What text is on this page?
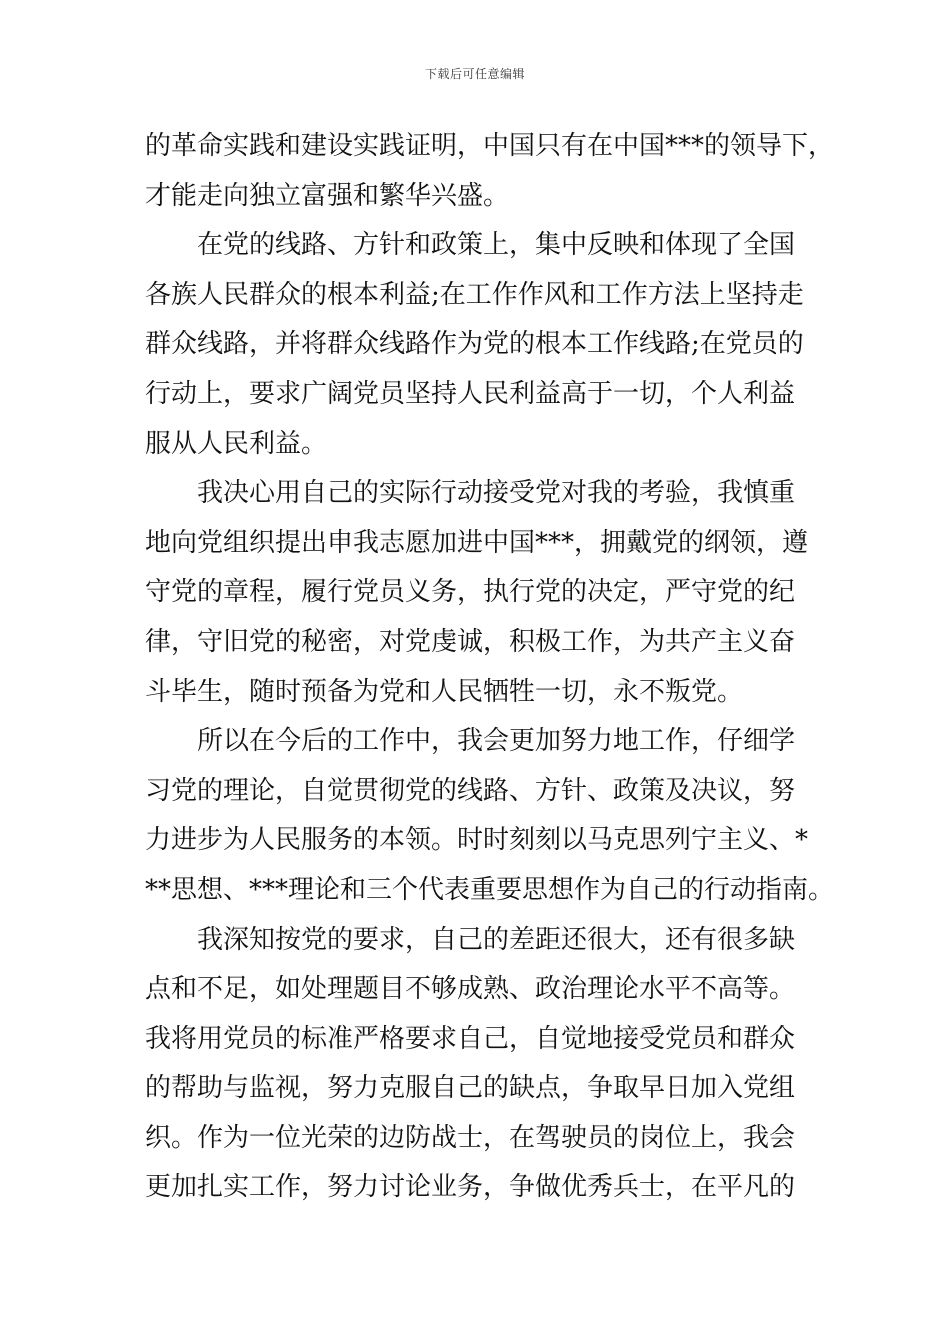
下载后可任意编辑
的革命实践和建设实践证明，中国只有在中国***的领导下，
才能走向独立富强和繁华兴盛。
　　在党的线路、方针和政策上，集中反映和体现了全国
各族人民群众的根本利益;在工作作风和工作方法上坚持走
群众线路，并将群众线路作为党的根本工作线路;在党员的
行动上，要求广阔党员坚持人民利益高于一切，个人利益
服从人民利益。
　　我决心用自己的实际行动接受党对我的考验，我慎重
地向党组织提出申我志愿加进中国***，拥戴党的纲领，遵
守党的章程，履行党员义务，执行党的决定，严守党的纪
律，守旧党的秘密，对党虔诚，积极工作，为共产主义奋
斗毕生，随时预备为党和人民牺牲一切，永不叛党。
　　所以在今后的工作中，我会更加努力地工作，仔细学
习党的理论，自觉贯彻党的线路、方针、政策及决议，努
力进步为人民服务的本领。时时刻刻以马克思列宁主义、*
**思想、***理论和三个代表重要思想作为自己的行动指南。
　　我深知按党的要求，自己的差距还很大，还有很多缺
点和不足，如处理题目不够成熟、政治理论水平不高等。
我将用党员的标准严格要求自己，自觉地接受党员和群众
的帮助与监视，努力克服自己的缺点，争取早日加入党组
织。作为一位光荣的边防战士，在驾驶员的岗位上，我会
更加扎实工作，努力讨论业务，争做优秀兵士，在平凡的
